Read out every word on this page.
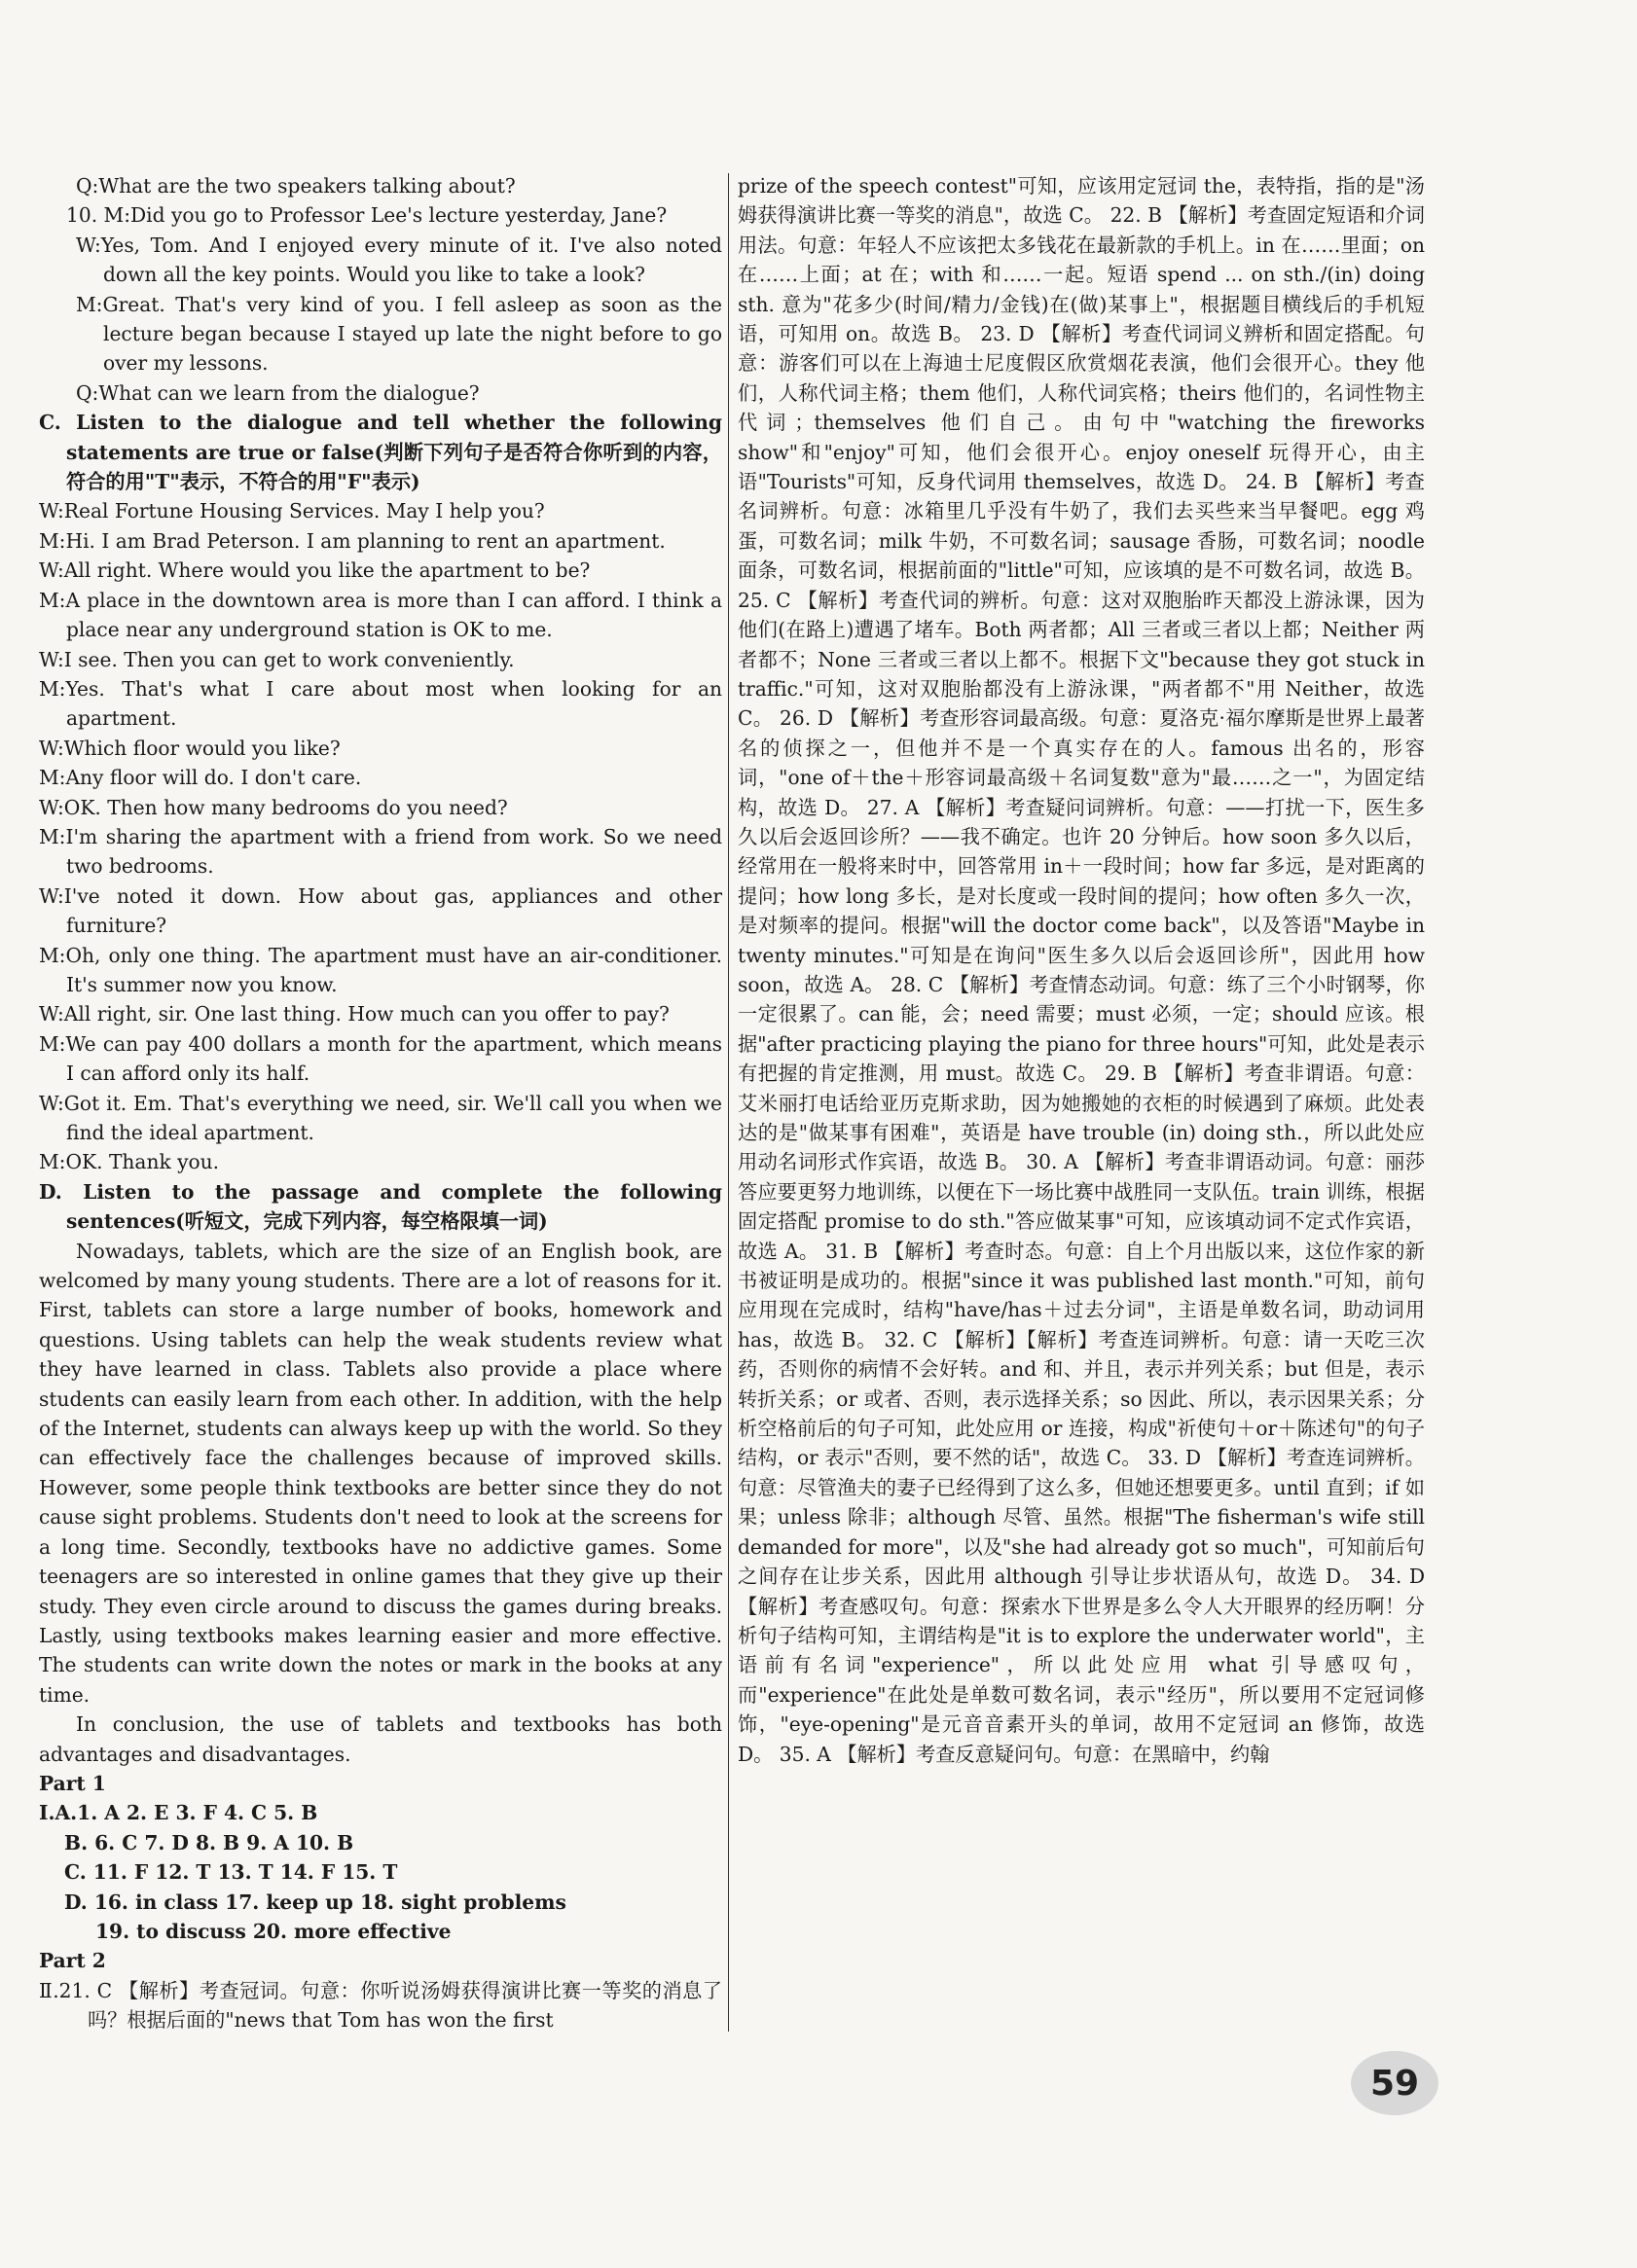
Q:What are the two speakers talking about?

10. M:Did you go to Professor Lee's lecture yesterday, Jane?

W:Yes, Tom. And I enjoyed every minute of it. I've also noted down all the key points. Would you like to take a look?

M:Great. That's very kind of you. I fell asleep as soon as the lecture began because I stayed up late the night before to go over my lessons.

Q:What can we learn from the dialogue?

C. Listen to the dialogue and tell whether the following statements are true or false(判断下列句子是否符合你听到的内容，符合的用"T"表示，不符合的用"F"表示)

W:Real Fortune Housing Services. May I help you?

M:Hi. I am Brad Peterson. I am planning to rent an apartment.

W:All right. Where would you like the apartment to be?

M:A place in the downtown area is more than I can afford. I think a place near any underground station is OK to me.

W:I see. Then you can get to work conveniently.

M:Yes. That's what I care about most when looking for an apartment.

W:Which floor would you like?

M:Any floor will do. I don't care.

W:OK. Then how many bedrooms do you need?

M:I'm sharing the apartment with a friend from work. So we need two bedrooms.

W:I've noted it down. How about gas, appliances and other furniture?

M:Oh, only one thing. The apartment must have an air-conditioner. It's summer now you know.

W:All right, sir. One last thing. How much can you offer to pay?

M:We can pay 400 dollars a month for the apartment, which means I can afford only its half.

W:Got it. Em. That's everything we need, sir. We'll call you when we find the ideal apartment.

M:OK. Thank you.

D. Listen to the passage and complete the following sentences(听短文，完成下列内容，每空格限填一词)

Nowadays, tablets, which are the size of an English book, are welcomed by many young students. There are a lot of reasons for it. First, tablets can store a large number of books, homework and questions. Using tablets can help the weak students review what they have learned in class. Tablets also provide a place where students can easily learn from each other. In addition, with the help of the Internet, students can always keep up with the world. So they can effectively face the challenges because of improved skills. However, some people think textbooks are better since they do not cause sight problems. Students don't need to look at the screens for a long time. Secondly, textbooks have no addictive games. Some teenagers are so interested in online games that they give up their study. They even circle around to discuss the games during breaks. Lastly, using textbooks makes learning easier and more effective. The students can write down the notes or mark in the books at any time.

In conclusion, the use of tablets and textbooks has both advantages and disadvantages.

Part 1

Ⅰ.A.1. A 2. E 3. F 4. C 5. B

B. 6. C 7. D 8. B 9. A 10. B

C. 11. F 12. T 13. T 14. F 15. T

D. 16. in class 17. keep up 18. sight problems

19. to discuss 20. more effective

Part 2

Ⅱ.21. C 【解析】考查冠词。句意：你听说汤姆获得演讲比赛一等奖的消息了吗？根据后面的"news that Tom has won the first

prize of the speech contest"可知，应该用定冠词 the，表特指，指的是"汤姆获得演讲比赛一等奖的消息"，故选 C。 22. B 【解析】考查固定短语和介词用法。句意：年轻人不应该把太多钱花在最新款的手机上。in 在……里面；on 在……上面；at 在；with 和……一起。短语 spend ... on sth./(in) doing sth. 意为"花多少(时间/精力/金钱)在(做)某事上"，根据题目横线后的手机短语，可知用 on。故选 B。 23. D 【解析】考查代词词义辨析和固定搭配。句意：游客们可以在上海迪士尼度假区欣赏烟花表演，他们会很开心。they 他们，人称代词主格；them 他们，人称代词宾格；theirs 他们的，名词性物主代词；themselves 他们自己。由句中"watching the fireworks show"和"enjoy"可知，他们会很开心。enjoy oneself 玩得开心，由主语"Tourists"可知，反身代词用 themselves，故选 D。 24. B 【解析】考查名词辨析。句意：冰箱里几乎没有牛奶了，我们去买些来当早餐吧。egg 鸡蛋，可数名词；milk 牛奶，不可数名词；sausage 香肠，可数名词；noodle 面条，可数名词，根据前面的"little"可知，应该填的是不可数名词，故选 B。 25. C 【解析】考查代词的辨析。句意：这对双胞胎昨天都没上游泳课，因为他们(在路上)遭遇了堵车。Both 两者都；All 三者或三者以上都；Neither 两者都不；None 三者或三者以上都不。根据下文"because they got stuck in traffic."可知，这对双胞胎都没有上游泳课，"两者都不"用 Neither，故选 C。 26. D 【解析】考查形容词最高级。句意：夏洛克·福尔摩斯是世界上最著名的侦探之一，但他并不是一个真实存在的人。famous 出名的，形容词，"one of＋the＋形容词最高级＋名词复数"意为"最……之一"，为固定结构，故选 D。 27. A 【解析】考查疑问词辨析。句意：——打扰一下，医生多久以后会返回诊所？——我不确定。也许 20 分钟后。how soon 多久以后，经常用在一般将来时中，回答常用 in＋一段时间；how far 多远，是对距离的提问；how long 多长，是对长度或一段时间的提问；how often 多久一次，是对频率的提问。根据"will the doctor come back"，以及答语"Maybe in twenty minutes."可知是在询问"医生多久以后会返回诊所"，因此用 how soon，故选 A。 28. C 【解析】考查情态动词。句意：练了三个小时钢琴，你一定很累了。can 能，会；need 需要；must 必须，一定；should 应该。根据"after practicing playing the piano for three hours"可知，此处是表示有把握的肯定推测，用 must。故选 C。 29. B 【解析】考查非谓语。句意：艾米丽打电话给亚历克斯求助，因为她搬她的衣柜的时候遇到了麻烦。此处表达的是"做某事有困难"，英语是 have trouble (in) doing sth.，所以此处应用动名词形式作宾语，故选 B。 30. A 【解析】考查非谓语动词。句意：丽莎答应要更努力地训练，以便在下一场比赛中战胜同一支队伍。train 训练，根据固定搭配 promise to do sth."答应做某事"可知，应该填动词不定式作宾语，故选 A。 31. B 【解析】考查时态。句意：自上个月出版以来，这位作家的新书被证明是成功的。根据"since it was published last month."可知，前句应用现在完成时，结构"have/has＋过去分词"，主语是单数名词，助动词用 has，故选 B。 32. C 【解析】【解析】考查连词辨析。句意：请一天吃三次药，否则你的病情不会好转。and 和、并且，表示并列关系；but 但是，表示转折关系；or 或者、否则，表示选择关系；so 因此、所以，表示因果关系；分析空格前后的句子可知，此处应用 or 连接，构成"祈使句＋or＋陈述句"的句子结构，or 表示"否则，要不然的话"，故选 C。 33. D 【解析】考查连词辨析。句意：尽管渔夫的妻子已经得到了这么多，但她还想要更多。until 直到；if 如果；unless 除非；although 尽管、虽然。根据"The fisherman's wife still demanded for more"，以及"she had already got so much"，可知前后句之间存在让步关系，因此用 although 引导让步状语从句，故选 D。 34. D 【解析】考查感叹句。句意：探索水下世界是多么令人大开眼界的经历啊！分析句子结构可知，主谓结构是"it is to explore the underwater world"，主语前有名词"experience"，所以此处应用 what 引导感叹句，而"experience"在此处是单数可数名词，表示"经历"，所以要用不定冠词修饰，"eye-opening"是元音音素开头的单词，故用不定冠词 an 修饰，故选 D。 35. A 【解析】考查反意疑问句。句意：在黑暗中，约翰

59
